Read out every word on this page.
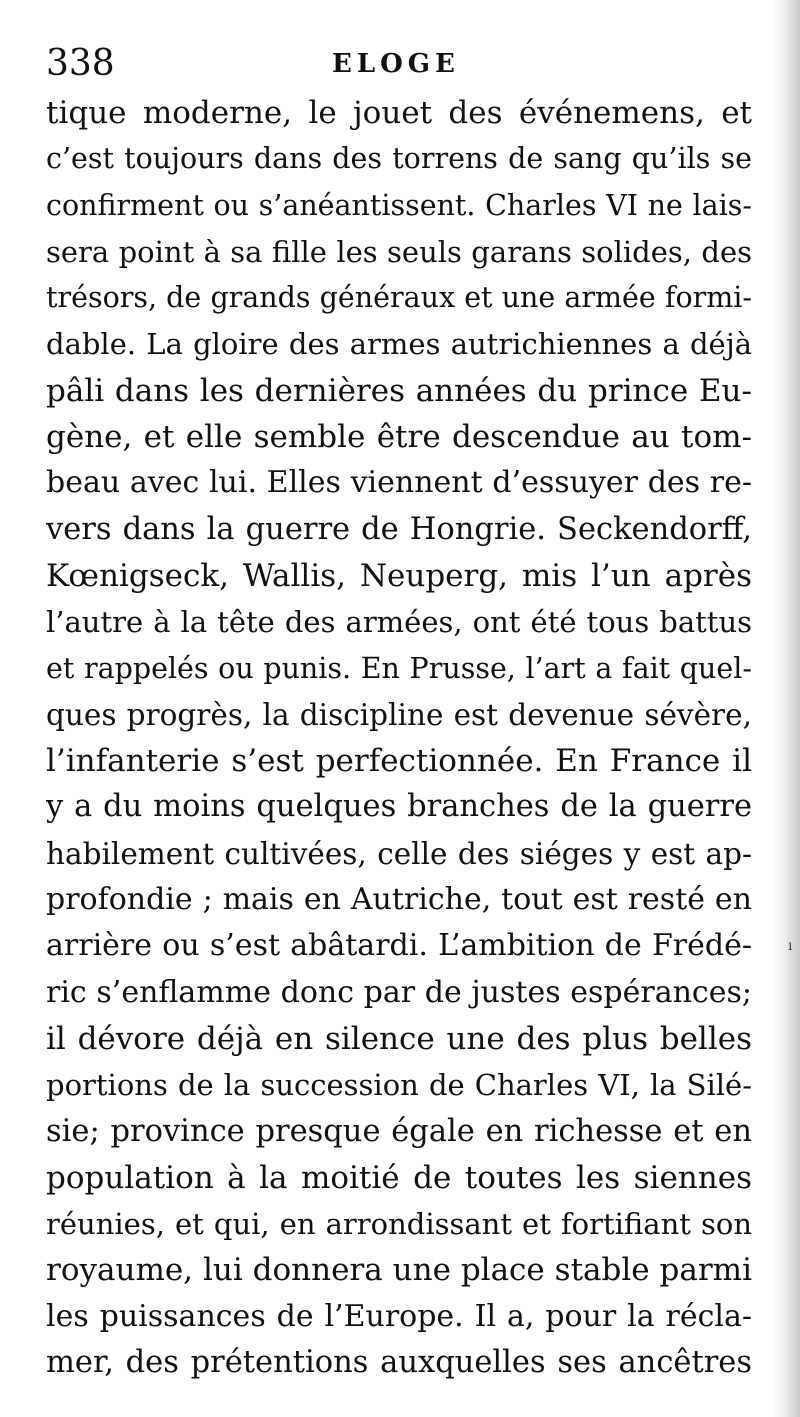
338	ELOGE
tique moderne, le jouet des événemens, et
c’est toujours dans des torrens de sang qu’ils se
confirment ou s’anéantissent. Charles VI ne lais-
sera point à sa fille les seuls garans solides, des
trésors, de grands généraux et une armée formi-
dable. La gloire des armes autrichiennes a déjà
pâli dans les dernières années du prince Eu-
gène, et elle semble être descendue au tom-
beau avec lui. Elles viennent d’essuyer des re-
vers dans la guerre de Hongrie. Seckendorff,
Kœnigseck, Wallis, Neuperg, mis l’un après
l’autre à la tête des armées, ont été tous battus
et rappelés ou punis. En Prusse, l’art a fait quel-
ques progrès, la discipline est devenue sévère,
l’infanterie s’est perfectionnée. En France il
y a du moins quelques branches de la guerre
habilement cultivées, celle des siéges y est ap-
profondie ; mais en Autriche, tout est resté en
arrière ou s’est abâtardi. L’ambition de Frédé-
ric s’enflamme donc par de justes espérances;
il dévore déjà en silence une des plus belles
portions de la succession de Charles VI, la Silé-
sie; province presque égale en richesse et en
population à la moitié de toutes les siennes
réunies, et qui, en arrondissant et fortifiant son
royaume, lui donnera une place stable parmi
les puissances de l’Europe. Il a, pour la récla-
mer, des prétentions auxquelles ses ancêtres
ı
